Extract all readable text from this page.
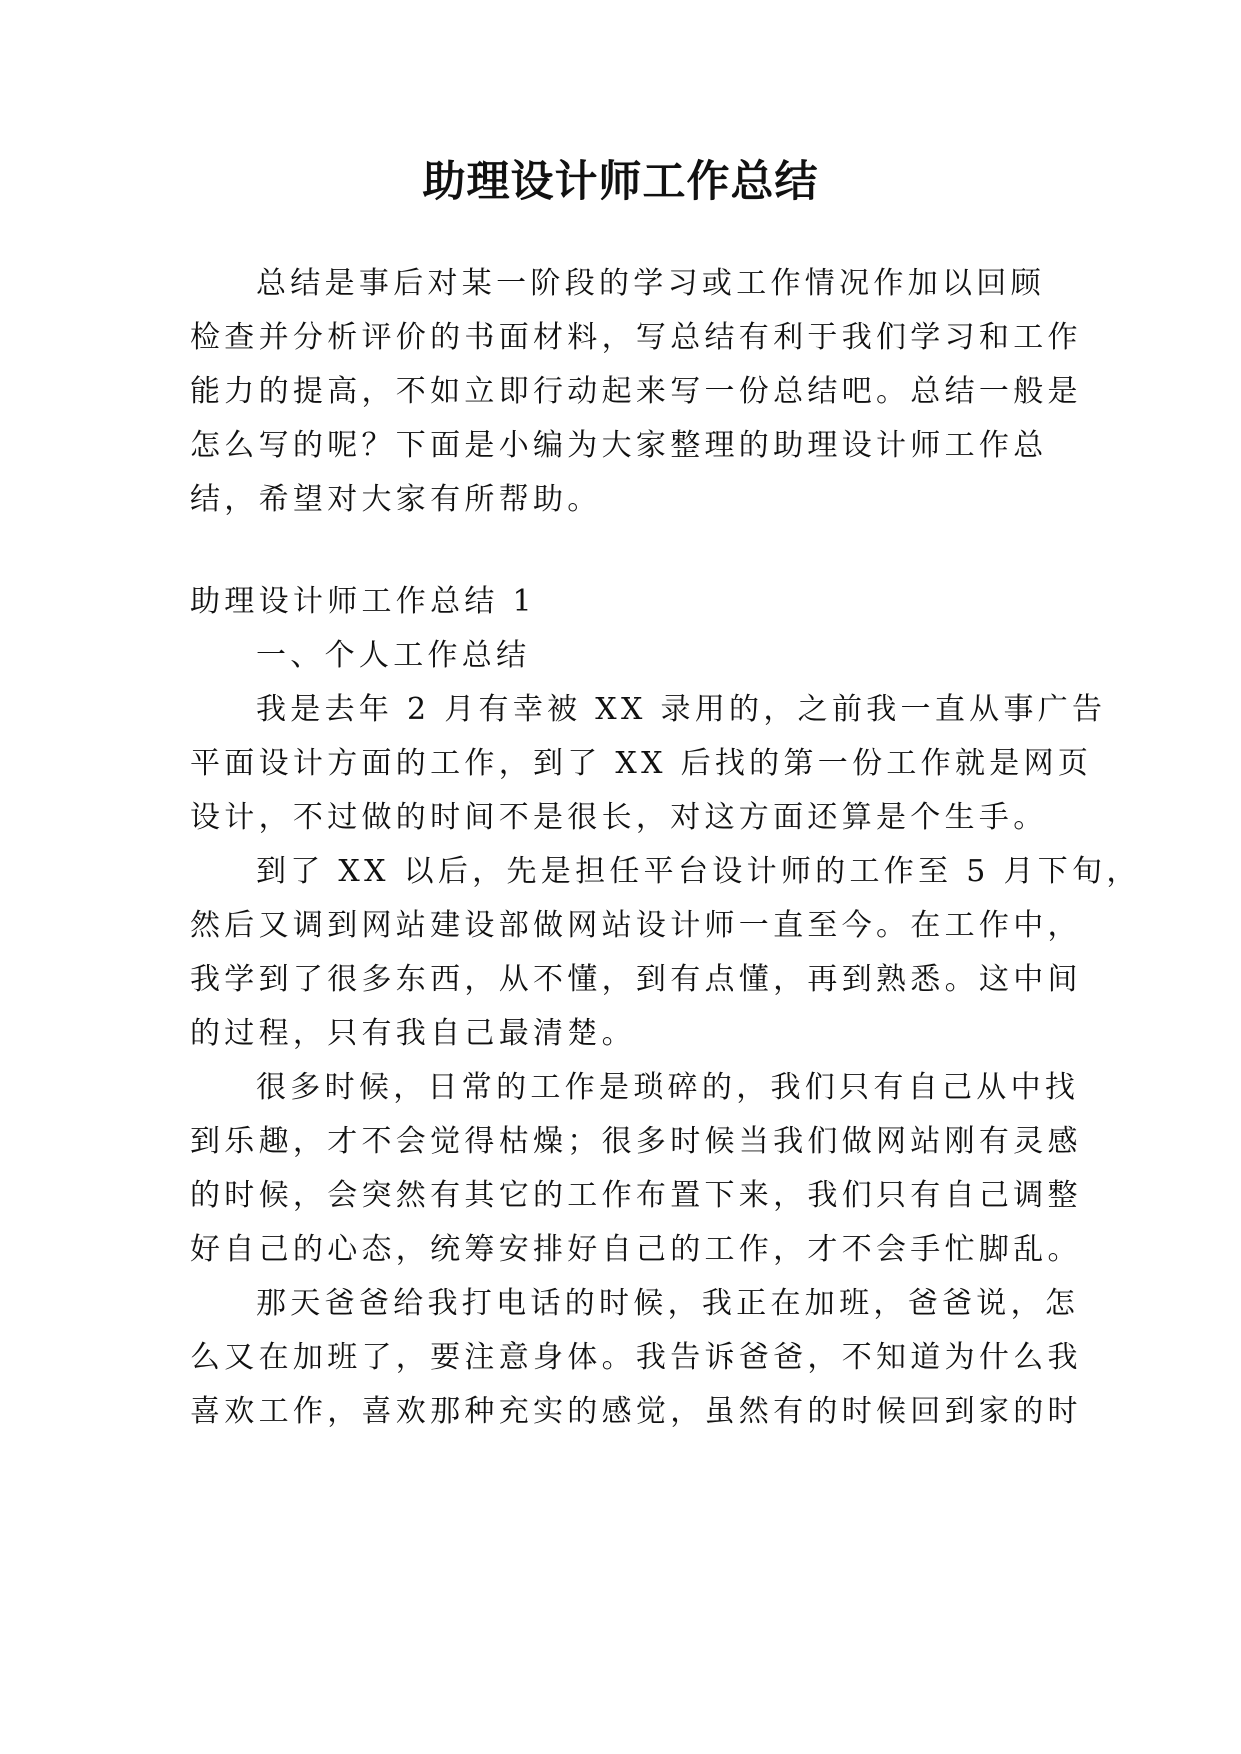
助理设计师工作总结

总结是事后对某一阶段的学习或工作情况作加以回顾

检查并分析评价的书面材料，写总结有利于我们学习和工作

能力的提高，不如立即行动起来写一份总结吧。总结一般是

怎么写的呢？下面是小编为大家整理的助理设计师工作总

结，希望对大家有所帮助。

助理设计师工作总结 1

一、个人工作总结

我是去年 2 月有幸被 XX 录用的，之前我一直从事广告

平面设计方面的工作，到了 XX 后找的第一份工作就是网页

设计，不过做的时间不是很长，对这方面还算是个生手。

到了 XX 以后，先是担任平台设计师的工作至 5 月下旬，

然后又调到网站建设部做网站设计师一直至今。在工作中，

我学到了很多东西，从不懂，到有点懂，再到熟悉。这中间

的过程，只有我自己最清楚。

很多时候，日常的工作是琐碎的，我们只有自己从中找

到乐趣，才不会觉得枯燥；很多时候当我们做网站刚有灵感

的时候，会突然有其它的工作布置下来，我们只有自己调整

好自己的心态，统筹安排好自己的工作，才不会手忙脚乱。

那天爸爸给我打电话的时候，我正在加班，爸爸说，怎

么又在加班了，要注意身体。我告诉爸爸，不知道为什么我

喜欢工作，喜欢那种充实的感觉，虽然有的时候回到家的时
